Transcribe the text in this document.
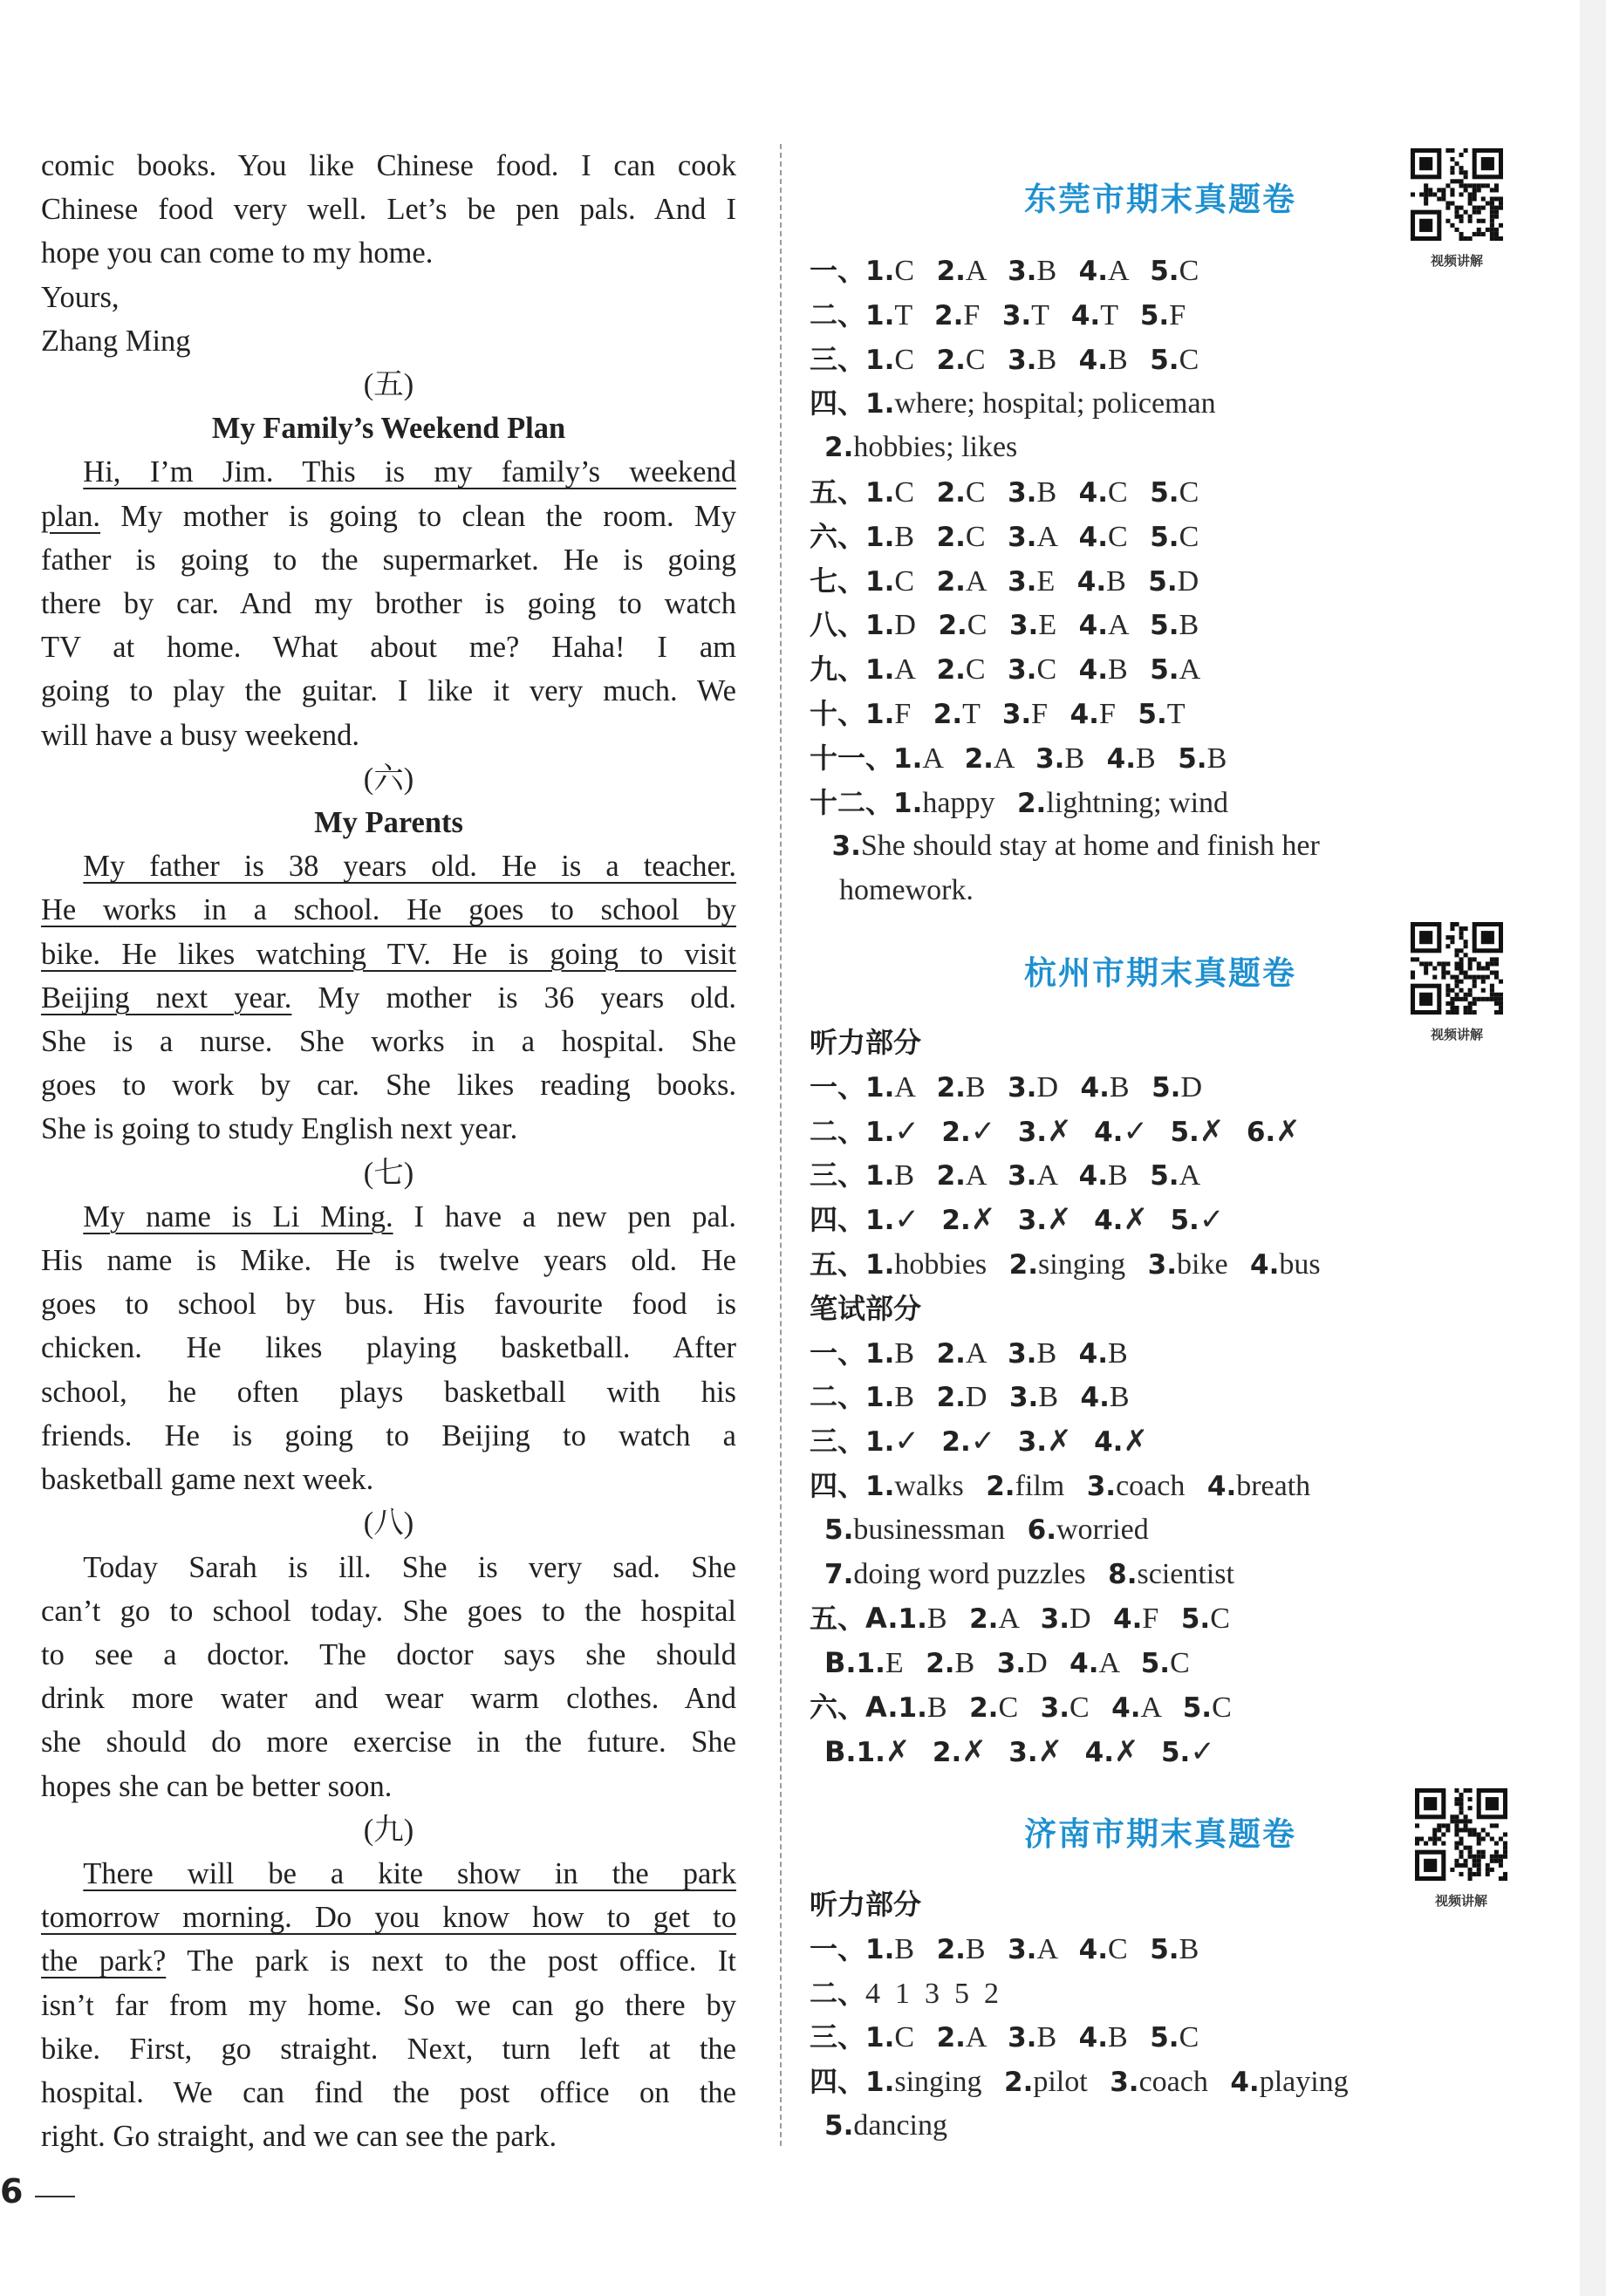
comic books. You like Chinese food. I can cook

Chinese food very well. Let’s be pen pals. And I

hope you can come to my home.

Yours,

Zhang Ming

(五)

My Family’s Weekend Plan

Hi, I’m Jim. This is my family’s weekend

plan. My mother is going to clean the room. My

father is going to the supermarket. He is going

there by car. And my brother is going to watch

TV at home. What about me? Haha! I am

going to play the guitar. I like it very much. We

will have a busy weekend.

(六)

My Parents

My father is 38 years old. He is a teacher.

He works in a school. He goes to school by

bike. He likes watching TV. He is going to visit

Beijing next year. My mother is 36 years old.

She is a nurse. She works in a hospital. She

goes to work by car. She likes reading books.

She is going to study English next year.

(七)

My name is Li Ming. I have a new pen pal.

His name is Mike. He is twelve years old. He

goes to school by bus. His favourite food is

chicken. He likes playing basketball. After

school, he often plays basketball with his

friends. He is going to Beijing to watch a

basketball game next week.

(八)

Today Sarah is ill. She is very sad. She

can’t go to school today. She goes to the hospital

to see a doctor. The doctor says she should

drink more water and wear warm clothes. And

she should do more exercise in the future. She

hopes she can be better soon.

(九)

There will be a kite show in the park

tomorrow morning. Do you know how to get to

the park? The park is next to the post office. It

isn’t far from my home. So we can go there by

bike. First, go straight. Next, turn left at the

hospital. We can find the post office on the

right. Go straight, and we can see the park.

东莞市期末真题卷
杭州市期末真题卷
济南市期末真题卷
视频讲解
视频讲解
视频讲解
一、1.C 2.A 3.B 4.A 5.C
二、1.T 2.F 3.T 4.T 5.F
三、1.C 2.C 3.B 4.B 5.C
四、1.where; hospital; policeman
2.hobbies; likes
五、1.C 2.C 3.B 4.C 5.C
六、1.B 2.C 3.A 4.C 5.C
七、1.C 2.A 3.E 4.B 5.D
八、1.D 2.C 3.E 4.A 5.B
九、1.A 2.C 3.C 4.B 5.A
十、1.F 2.T 3.F 4.F 5.T
十一、1.A 2.A 3.B 4.B 5.B
十二、1.happy 2.lightning; wind
3.She should stay at home and finish her
homework.
听力部分
一、1.A 2.B 3.D 4.B 5.D
二、1.✓ 2.✓ 3.✗ 4.✓ 5.✗ 6.✗
三、1.B 2.A 3.A 4.B 5.A
四、1.✓ 2.✗ 3.✗ 4.✗ 5.✓
五、1.hobbies 2.singing 3.bike 4.bus
笔试部分
一、1.B 2.A 3.B 4.B
二、1.B 2.D 3.B 4.B
三、1.✓ 2.✓ 3.✗ 4.✗
四、1.walks 2.film 3.coach 4.breath
5.businessman 6.worried
7.doing word puzzles 8.scientist
五、A.1.B 2.A 3.D 4.F 5.C
B.1.E 2.B 3.D 4.A 5.C
六、A.1.B 2.C 3.C 4.A 5.C
B.1.✗ 2.✗ 3.✗ 4.✗ 5.✓
听力部分
一、1.B 2.B 3.A 4.C 5.B
二、4  1  3  5  2
三、1.C 2.A 3.B 4.B 5.C
四、1.singing 2.pilot 3.coach 4.playing
5.dancing
6
